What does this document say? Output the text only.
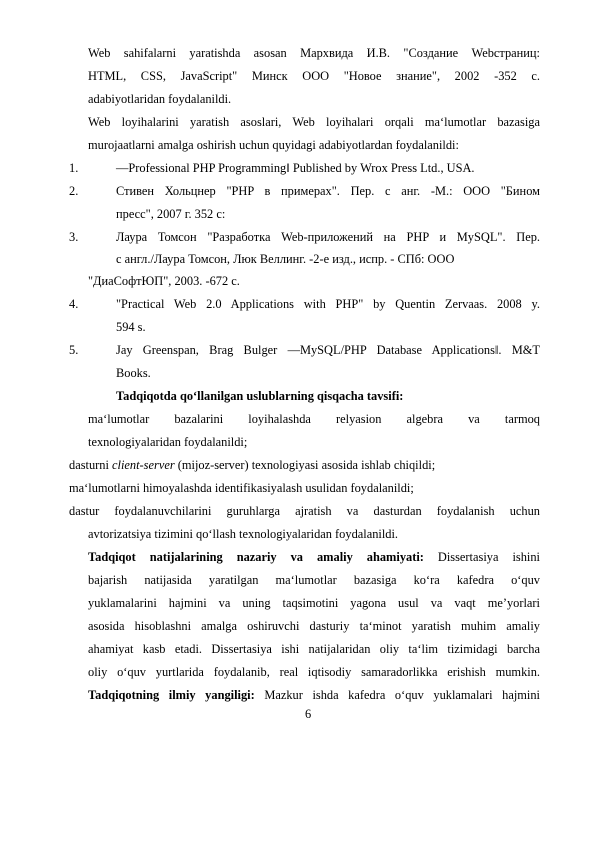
Web sahifalarni yaratishda asosan Марxвида И.В. "Создание Webстраниц:
HTML, CSS, JavaScript" Минск ООО "Новое знание", 2002 -352 с.
adabiyotlaridan foydalanildi.
Web loyihalarini yaratish asoslari, Web loyihalari orqali ma‘lumotlar bazasiga
murojaatlarni amalga oshirish uchun quyidagi adabiyotlardan foydalanildi:
1.	―Professional PHP Programming‖ Published by Wrox Press Ltd., USA.
2.	Стивен Хольцнер "PHP в примерах". Пер. с анг. -М.: ООО "Бином
пресс", 2007 г. 352 с:
3.	Лаура Томсон "Разработка Web-приложений на PHP и MySQL". Пер.
с англ./Лаура Томсон, Люк Веллинг. -2-е изд., испр. - СПб: ООО
"ДиаСофтЮП", 2003. -672 с.
4.	"Practical Web 2.0 Applications with PHP" by Quentin Zervaas. 2008 y.
594 s.
5.	Jay Greenspan, Brag Bulger ―MySQL/PHP Database Applications‖. M&T
Books.
Tadqiqotda qo‘llanilgan uslublarning qisqacha tavsifi:
ma‘lumotlar bazalarini loyihalashda relyasion algebra va tarmoq
texnologiyalaridan foydalanildi;
dasturni client-server (mijoz-server) texnologiyasi asosida ishlab chiqildi;
ma‘lumotlarni himoyalashda identifikasiyalash usulidan foydalanildi;
dastur foydalanuvchilarini guruhlarga ajratish va dasturdan foydalanish uchun
avtorizatsiya tizimini qo‘llash texnologiyalaridan foydalanildi.
Tadqiqot natijalarining nazariy va amaliy ahamiyati: Dissertasiya ishini
bajarish natijasida yaratilgan ma‘lumotlar bazasiga ko‘ra kafedra o‘quv
yuklamalarini hajmini va uning taqsimotini yagona usul va vaqt me’yorlari
asosida hisoblashni amalga oshiruvchi dasturiy ta‘minot yaratish muhim amaliy
ahamiyat kasb etadi. Dissertasiya ishi natijalaridan oliy ta‘lim tizimidagi barcha
oliy o‘quv yurtlarida foydalanib, real iqtisodiy samaradorlikka erishish mumkin.
Tadqiqotning ilmiy yangiligi: Mazkur ishda kafedra o‘quv yuklamalari hajmini
6
